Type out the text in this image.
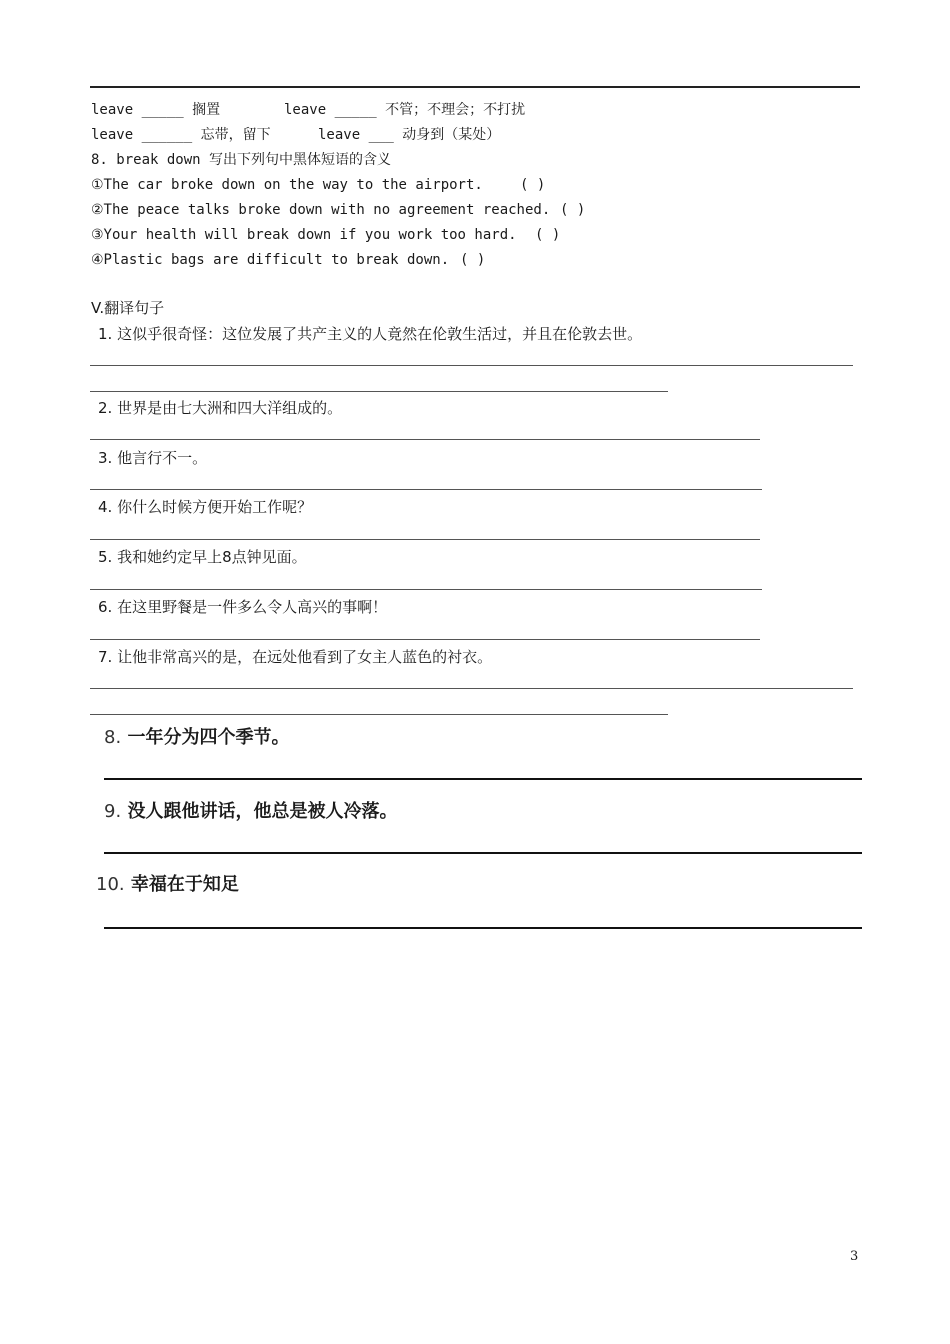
leave _____ 搁置	leave _____ 不管；不理会；不打扰
leave ______ 忘带，留下	leave ___ 动身到（某处）
8. break down 写出下列句中黑体短语的含义
①The car broke down on the way to the airport.	( )
②The peace talks broke down with no agreement reached. ( )
③Your health will break down if you work too hard. ( )
④Plastic bags are difficult to break down. ( )
V.翻译句子
1. 这似乎很奇怪：这位发展了共产主义的人竟然在伦敦生活过，并且在伦敦去世。
2. 世界是由七大洲和四大洋组成的。
3. 他言行不一。
4. 你什么时候方便开始工作呢？
5. 我和她约定早上8点钟见面。
6. 在这里野餐是一件多么令人高兴的事啊！
7. 让他非常高兴的是，在远处他看到了女主人蓝色的衬衣。
8. 一年分为四个季节。
9. 没人跟他讲话，他总是被人冷落。
10. 幸福在于知足
3
